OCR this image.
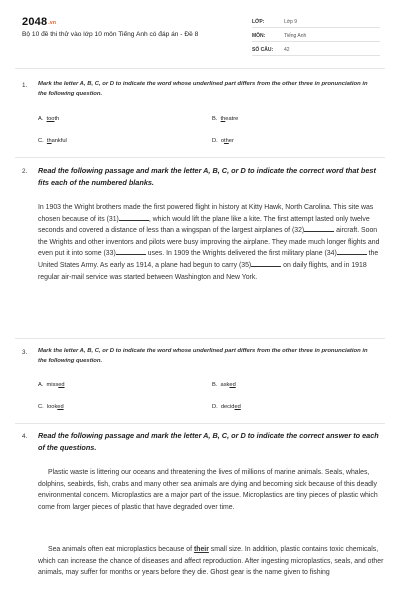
2048.vn
Bộ 10 đề thi thử vào lớp 10 môn Tiếng Anh có đáp án - Đề 8
LỚP:	Lớp 9
MÔN:	Tiếng Anh
SỐ CÂU: 42
1. Mark the letter A, B, C, or D to indicate the word whose underlined part differs from the other three in pronunciation in the following question.
A. tooth	B. theatre
C. thankful	D. other
2. Read the following passage and mark the letter A, B, C, or D to indicate the correct word that best fits each of the numbered blanks.
In 1903 the Wright brothers made the first powered flight in history at Kitty Hawk, North Carolina. This site was chosen because of its (31)	, which would lift the plane like a kite. The first attempt lasted only twelve seconds and covered a distance of less than a wingspan of the largest airplanes of (32)	aircraft. Soon the Wrights and other inventors and pilots were busy improving the airplane. They made much longer flights and even put it into some (33)	uses. In 1909 the Wrights delivered the first military plane (34)	the United States Army. As early as 1914, a plane had begun to carry (35)	on daily flights, and in 1918 regular air-mail service was started between Washington and New York.
3. Mark the letter A, B, C, or D to indicate the word whose underlined part differs from the other three in pronunciation in the following question.
A. missed	B. asked
C. looked	D. decided
4. Read the following passage and mark the letter A, B, C, or D to indicate the correct answer to each of the questions.
Plastic waste is littering our oceans and threatening the lives of millions of marine animals. Seals, whales, dolphins, seabirds, fish, crabs and many other sea animals are dying and becoming sick because of this deadly environmental concern. Microplastics are a major part of the issue. Microplastics are tiny pieces of plastic which come from larger pieces of plastic that have degraded over time.
Sea animals often eat microplastics because of their small size. In addition, plastic contains toxic chemicals, which can increase the chance of diseases and affect reproduction. After ingesting microplastics, seals, and other animals, may suffer for months or years before they die. Ghost gear is the name given to fishing
